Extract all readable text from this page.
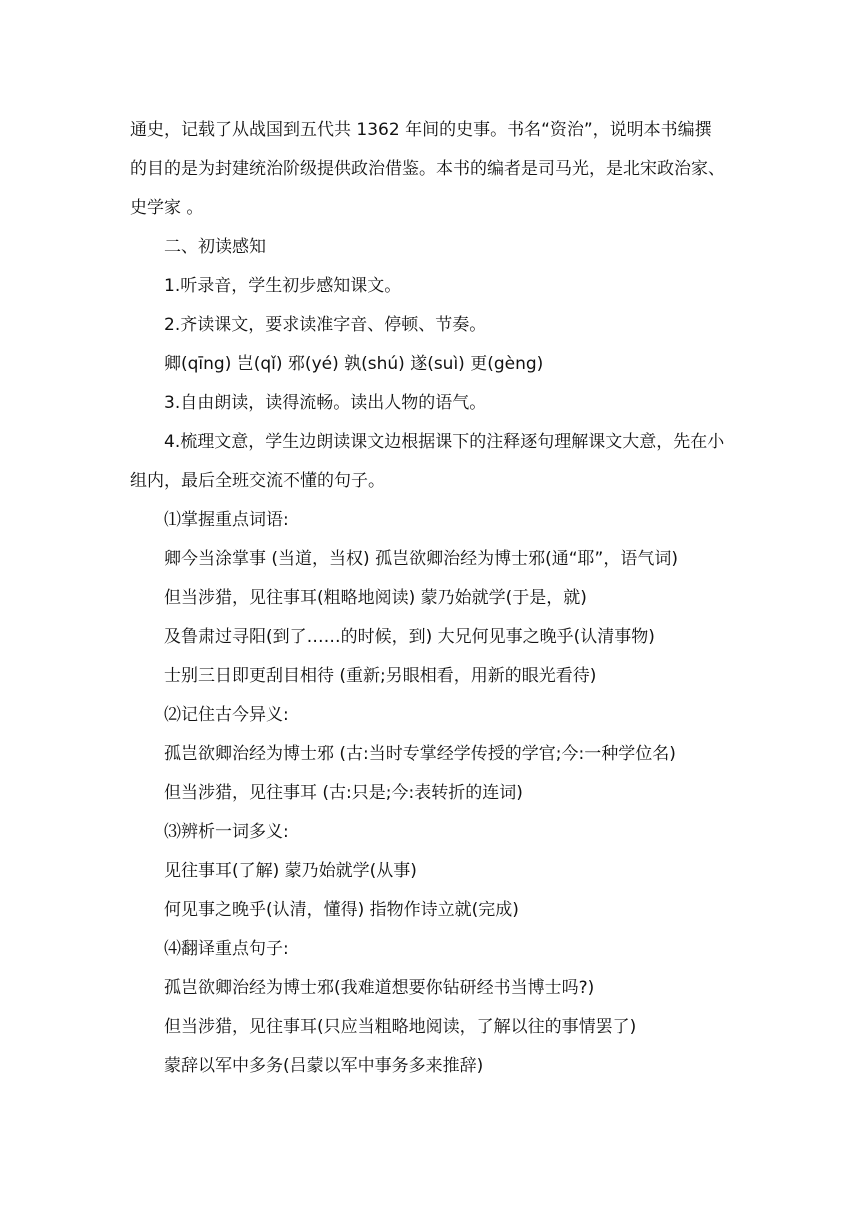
通史，记载了从战国到五代共 1362 年间的史事。书名“资治”，说明本书编撰
的目的是为封建统治阶级提供政治借鉴。本书的编者是司马光，是北宋政治家、
史学家 。
二、初读感知
1.听录音，学生初步感知课文。
2.齐读课文，要求读准字音、停顿、节奏。
卿(qīng) 岂(qǐ) 邪(yé) 孰(shú) 遂(suì) 更(gèng)
3.自由朗读，读得流畅。读出人物的语气。
4.梳理文意，学生边朗读课文边根据课下的注释逐句理解课文大意，先在小
组内，最后全班交流不懂的句子。
⑴掌握重点词语:
卿今当涂掌事 (当道，当权) 孤岂欲卿治经为博士邪(通“耶”，语气词)
但当涉猎，见往事耳(粗略地阅读) 蒙乃始就学(于是，就)
及鲁肃过寻阳(到了……的时候，到) 大兄何见事之晚乎(认清事物)
士别三日即更刮目相待 (重新;另眼相看，用新的眼光看待)
⑵记住古今异义:
孤岂欲卿治经为博士邪 (古:当时专掌经学传授的学官;今:一种学位名)
但当涉猎，见往事耳 (古:只是;今:表转折的连词)
⑶辨析一词多义:
见往事耳(了解) 蒙乃始就学(从事)
何见事之晚乎(认清，懂得) 指物作诗立就(完成)
⑷翻译重点句子:
孤岂欲卿治经为博士邪(我难道想要你钻研经书当博士吗?)
但当涉猎，见往事耳(只应当粗略地阅读，了解以往的事情罢了)
蒙辞以军中多务(吕蒙以军中事务多来推辞)
